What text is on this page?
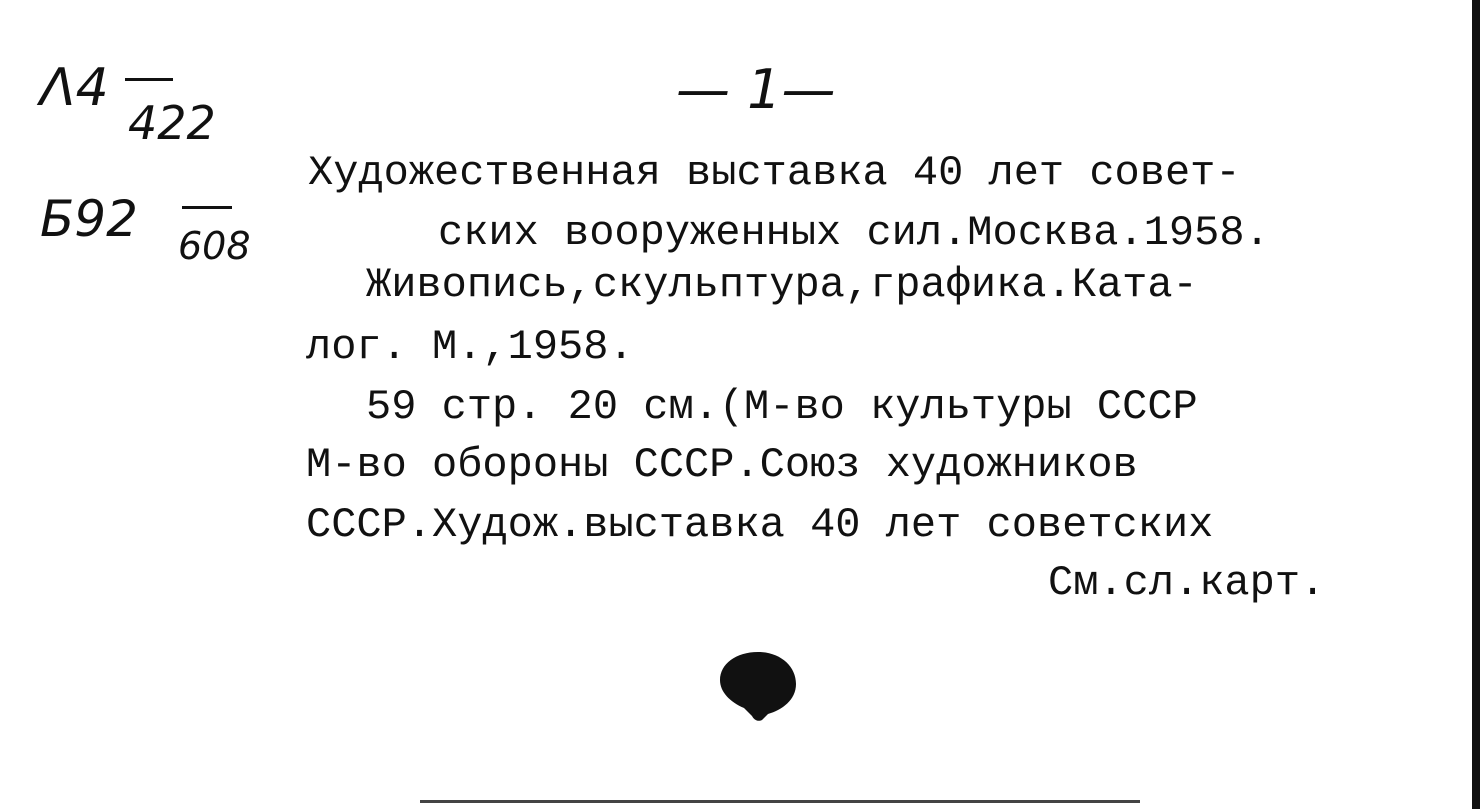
Λ4
422
Б92 608
— 1—
Художественная выставка 40 лет совет-
ских вооруженных сил.Москва.1958.
Живопись,скульптура,графика.Ката-
лог. М.,1958.
59 стр. 20 см.(М-во культуры СССР
М-во обороны СССР.Союз художников
СССР.Худож.выставка 40 лет советских
См.сл.карт.
